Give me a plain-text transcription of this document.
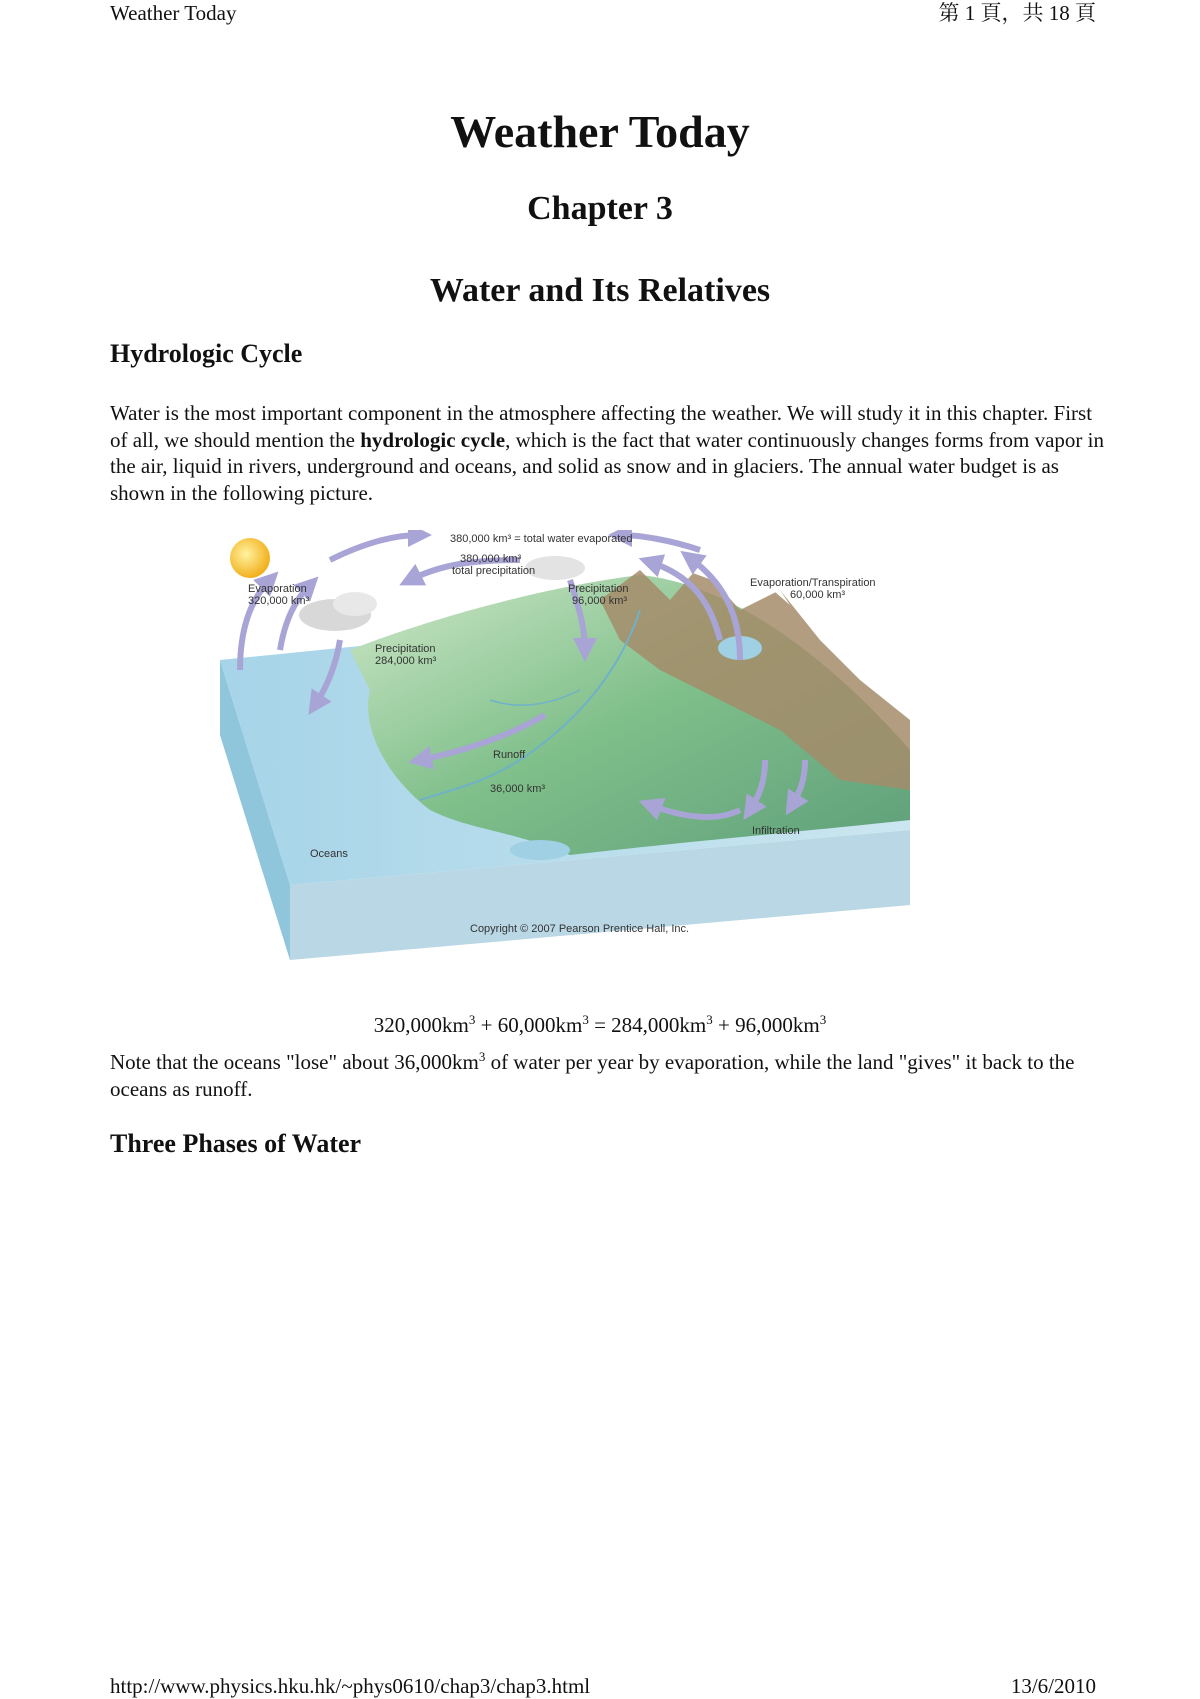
Weather Today	第 1 頁，共 18 頁
Weather Today
Chapter 3
Water and Its Relatives
Hydrologic Cycle

Water is the most important component in the atmosphere affecting the weather. We will study it in this chapter. First of all, we should mention the hydrologic cycle, which is the fact that water continuously changes forms from vapor in the air, liquid in rivers, underground and oceans, and solid as snow and in glaciers. The annual water budget is as shown in the following picture.

380,000 km³ = total water evaporated
380,000 km³
total precipitation
Evaporation
320,000 km³
Evaporation/Transpiration
60,000 km³
Precipitation
96,000 km³
Precipitation
284,000 km³
Runoff
36,000 km³
Infiltration
Oceans
Copyright © 2007 Pearson Prentice Hall, Inc.
$320,000km^3 + 60,000km^3 = 284,000km^3 + 96,000km^3$

Note that the oceans "lose" about $36,000km^3$ of water per year by evaporation, while the land "gives" it back to the oceans as runoff.

Three Phases of Water
http://www.physics.hku.hk/~phys0610/chap3/chap3.html	13/6/2010
